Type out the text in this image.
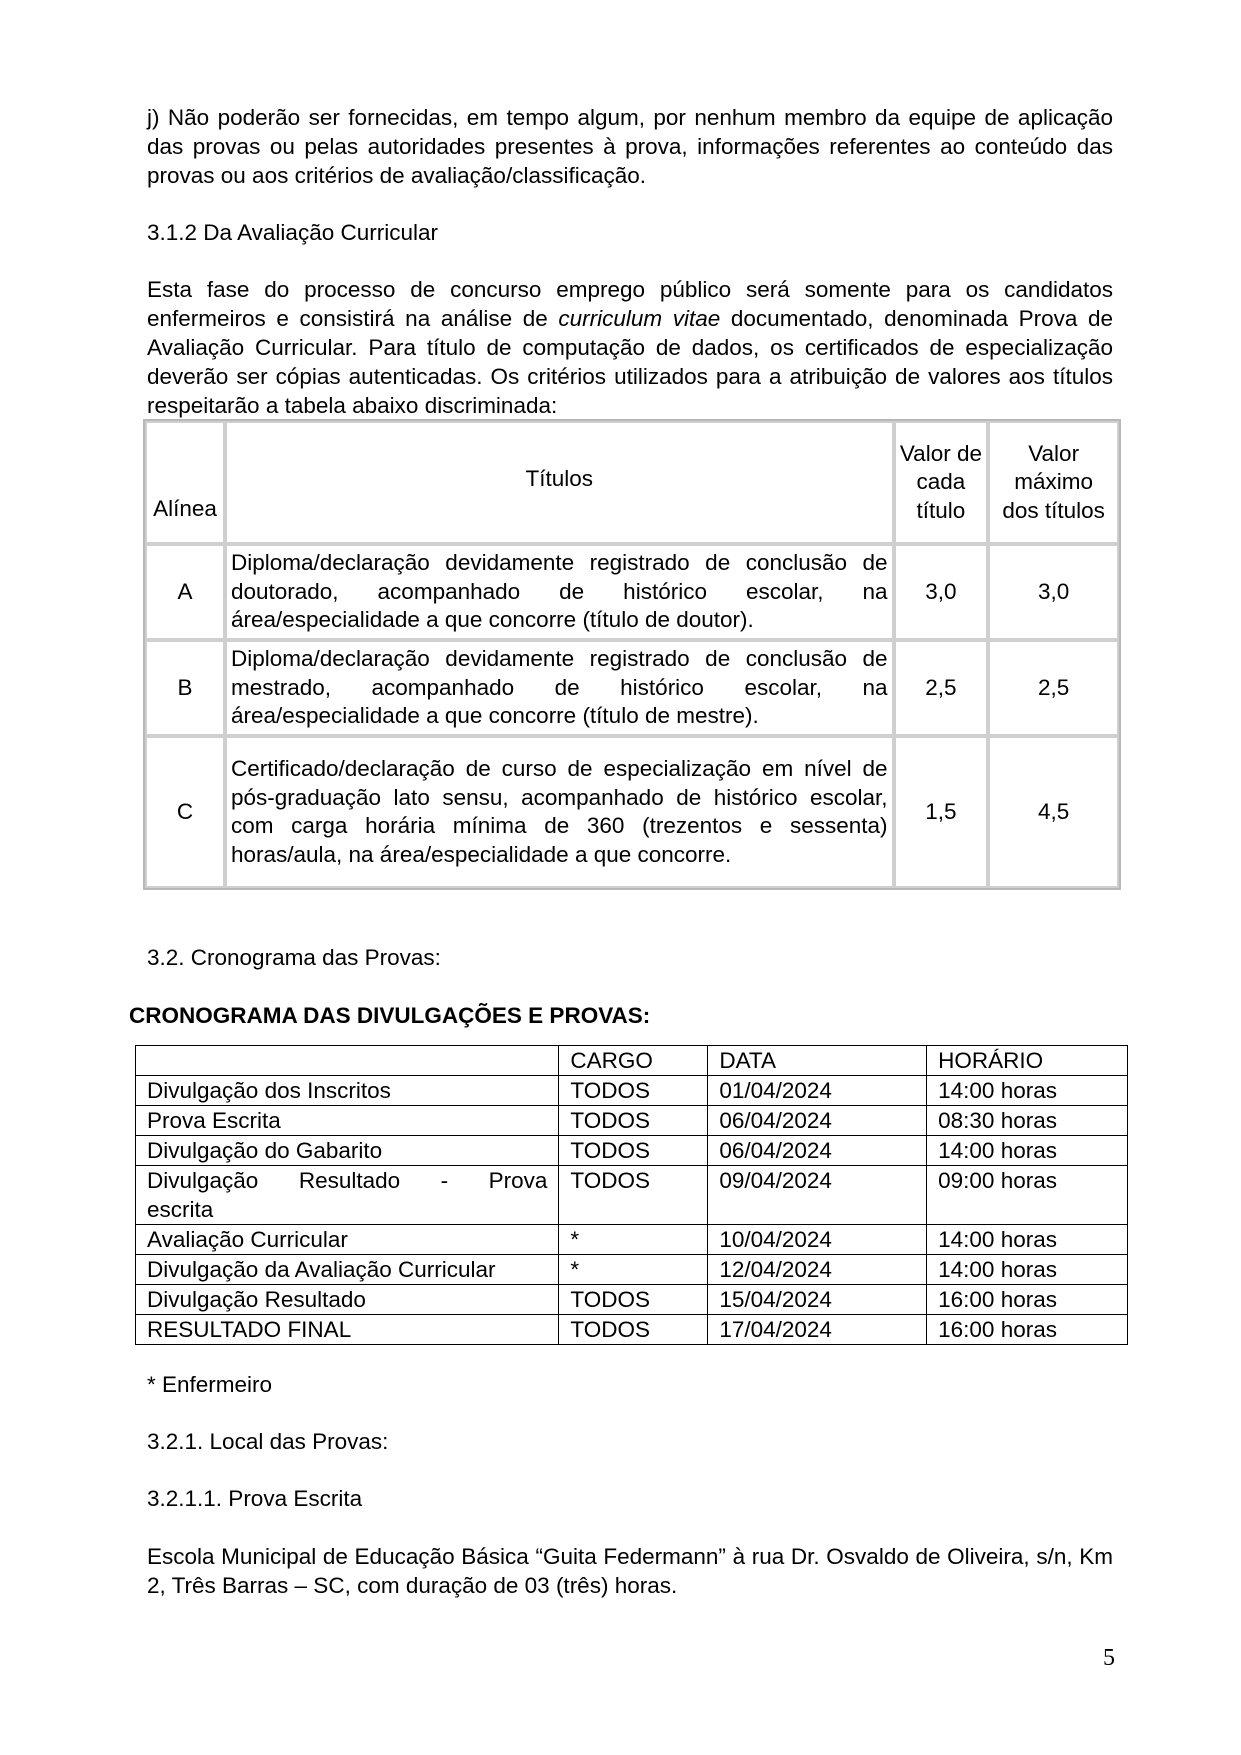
j) Não poderão ser fornecidas, em tempo algum, por nenhum membro da equipe de aplicação das provas ou pelas autoridades presentes à prova, informações referentes ao conteúdo das provas ou aos critérios de avaliação/classificação.

3.1.2 Da Avaliação Curricular

Esta fase do processo de concurso emprego público será somente para os candidatos enfermeiros e consistirá na análise de curriculum vitae documentado, denominada Prova de Avaliação Curricular. Para título de computação de dados, os certificados de especialização deverão ser cópias autenticadas. Os critérios utilizados para a atribuição de valores aos títulos respeitarão a tabela abaixo discriminada:

Alínea	Títulos	Valor de cada título	Valor máximo dos títulos
A	Diploma/declaração devidamente registrado de conclusão de doutorado, acompanhado de histórico escolar, na área/especialidade a que concorre (título de doutor).	3,0	3,0
B	Diploma/declaração devidamente registrado de conclusão de mestrado, acompanhado de histórico escolar, na área/especialidade a que concorre (título de mestre).	2,5	2,5
C	Certificado/declaração de curso de especialização em nível de pós-graduação lato sensu, acompanhado de histórico escolar, com carga horária mínima de 360 (trezentos e sessenta) horas/aula, na área/especialidade a que concorre.	1,5	4,5

3.2. Cronograma das Provas:

CRONOGRAMA DAS DIVULGAÇÕES E PROVAS:

	CARGO	DATA	HORÁRIO
Divulgação dos Inscritos	TODOS	01/04/2024	14:00 horas
Prova Escrita	TODOS	06/04/2024	08:30 horas
Divulgação do Gabarito	TODOS	06/04/2024	14:00 horas

Divulgação Resultado - Prova
escrita	TODOS	09/04/2024	09:00 horas
Avaliação Curricular	*	10/04/2024	14:00 horas
Divulgação da Avaliação Curricular	*	12/04/2024	14:00 horas
Divulgação Resultado	TODOS	15/04/2024	16:00 horas
RESULTADO FINAL	TODOS	17/04/2024	16:00 horas

* Enfermeiro

3.2.1. Local das Provas:

3.2.1.1. Prova Escrita

Escola Municipal de Educação Básica “Guita Federmann” à rua Dr. Osvaldo de Oliveira, s/n, Km 2, Três Barras – SC, com duração de 03 (três) horas.

5
